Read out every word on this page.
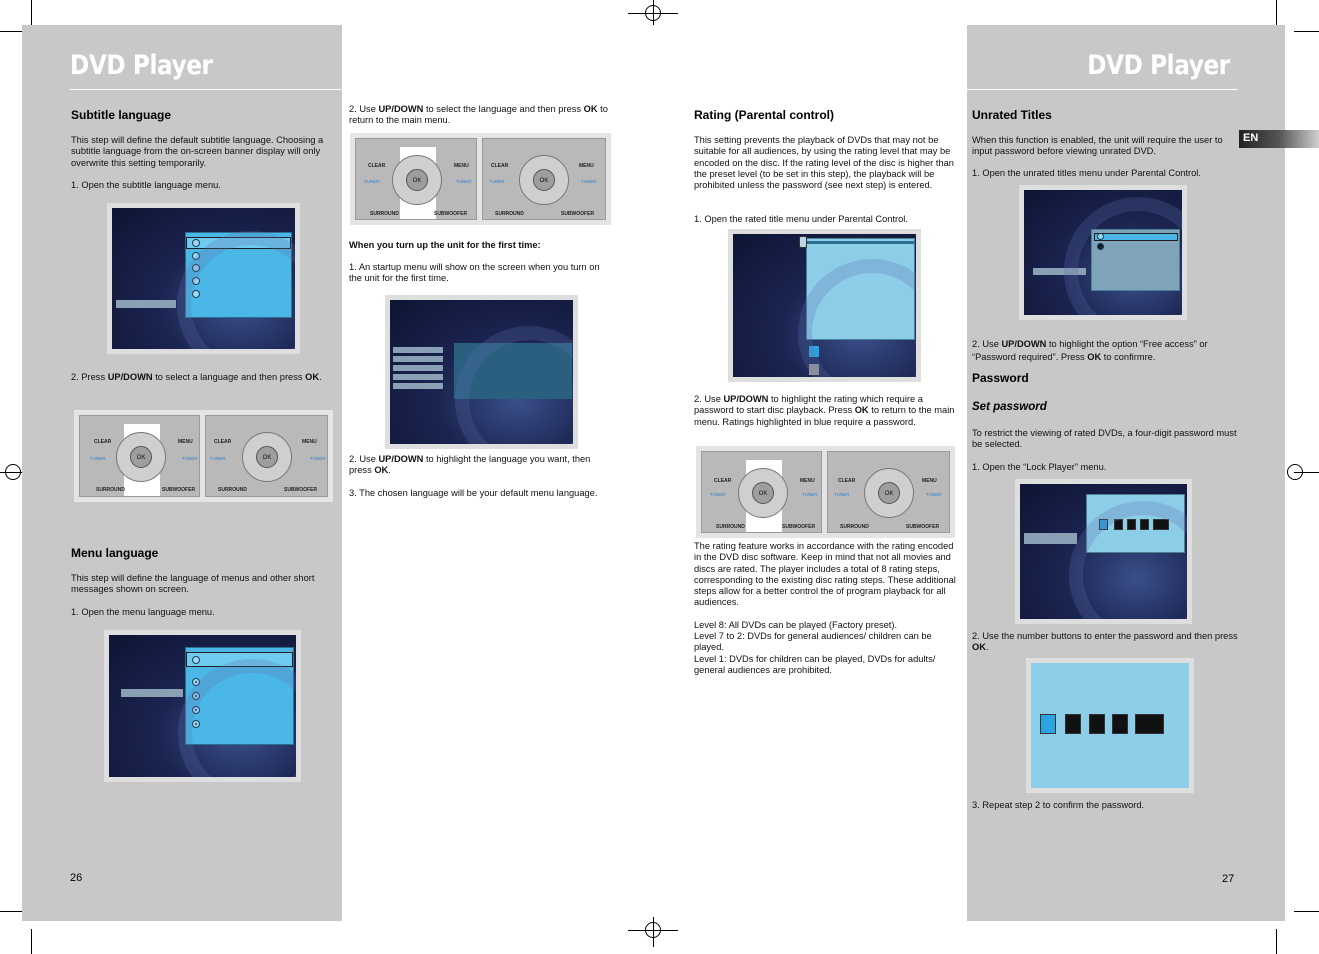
DVD Player
Subtitle language
This step will define the default subtitle language. Choosing a subtitle language from the on-screen banner display will only overwrite this setting temporarily.
1. Open the subtitle language menu.
2. Press UP/DOWN to select a language and then press OK.
OK
CLEAR	MENU
TUNER	TUNER
SURROUND	SUBWOOFER
OK
CLEAR	MENU
TUNER	TUNER
SURROUND	SUBWOOFER
Menu language
This step will define the language of menus and other short messages shown on screen.
1. Open the menu language menu.
26
2. Use UP/DOWN to select the language and then press OK to return to the main menu.
OK
CLEAR	MENU
TUNER	TUNER
SURROUND	SUBWOOFER
OK
CLEAR	MENU
TUNER	TUNER
SURROUND	SUBWOOFER
When you turn up the unit for the first time:
1. An startup menu will show on the screen when you turn on the unit for the first time.
2. Use UP/DOWN to highlight the language you want, then press OK.
3. The chosen language will be your default menu language.
Rating (Parental control)
This setting prevents the playback of DVDs that may not be suitable for all audiences, by using the rating level that may be encoded on the disc. If the rating level of the disc is higher than the preset level (to be set in this step), the playback will be prohibited unless the password (see next step) is entered.
1. Open the rated title menu under Parental Control.
2. Use UP/DOWN to highlight the rating which require a password to start disc playback. Press OK to return to the main menu. Ratings highlighted in blue require a password.
OK
CLEAR	MENU
TUNER	TUNER
SURROUND	SUBWOOFER
OK
CLEAR	MENU
TUNER	TUNER
SURROUND	SUBWOOFER
The rating feature works in accordance with the rating encoded in the DVD disc software. Keep in mind that not all movies and discs are rated. The player includes a total of 8 rating steps, corresponding to the existing disc rating steps. These additional steps allow for a better control the of program playback for all audiences.
Level 8: All DVDs can be played (Factory preset).
Level 7 to 2: DVDs for general audiences/ children can be played.
Level 1: DVDs for children can be played, DVDs for adults/ general audiences are prohibited.
DVD Player
EN
Unrated Titles
When this function is enabled, the unit will require the user to input password before viewing unrated DVD.
1. Open the unrated titles menu under Parental Control.
2. Use UP/DOWN to highlight the option “Free access” or “Password required”. Press OK to confirmre.
Password
Set password
To restrict the viewing of rated DVDs, a four-digit password must be selected.
1. Open the “Lock Player” menu.
2. Use the number buttons to enter the password and then press OK.
3. Repeat step 2 to confirm the password.
27
